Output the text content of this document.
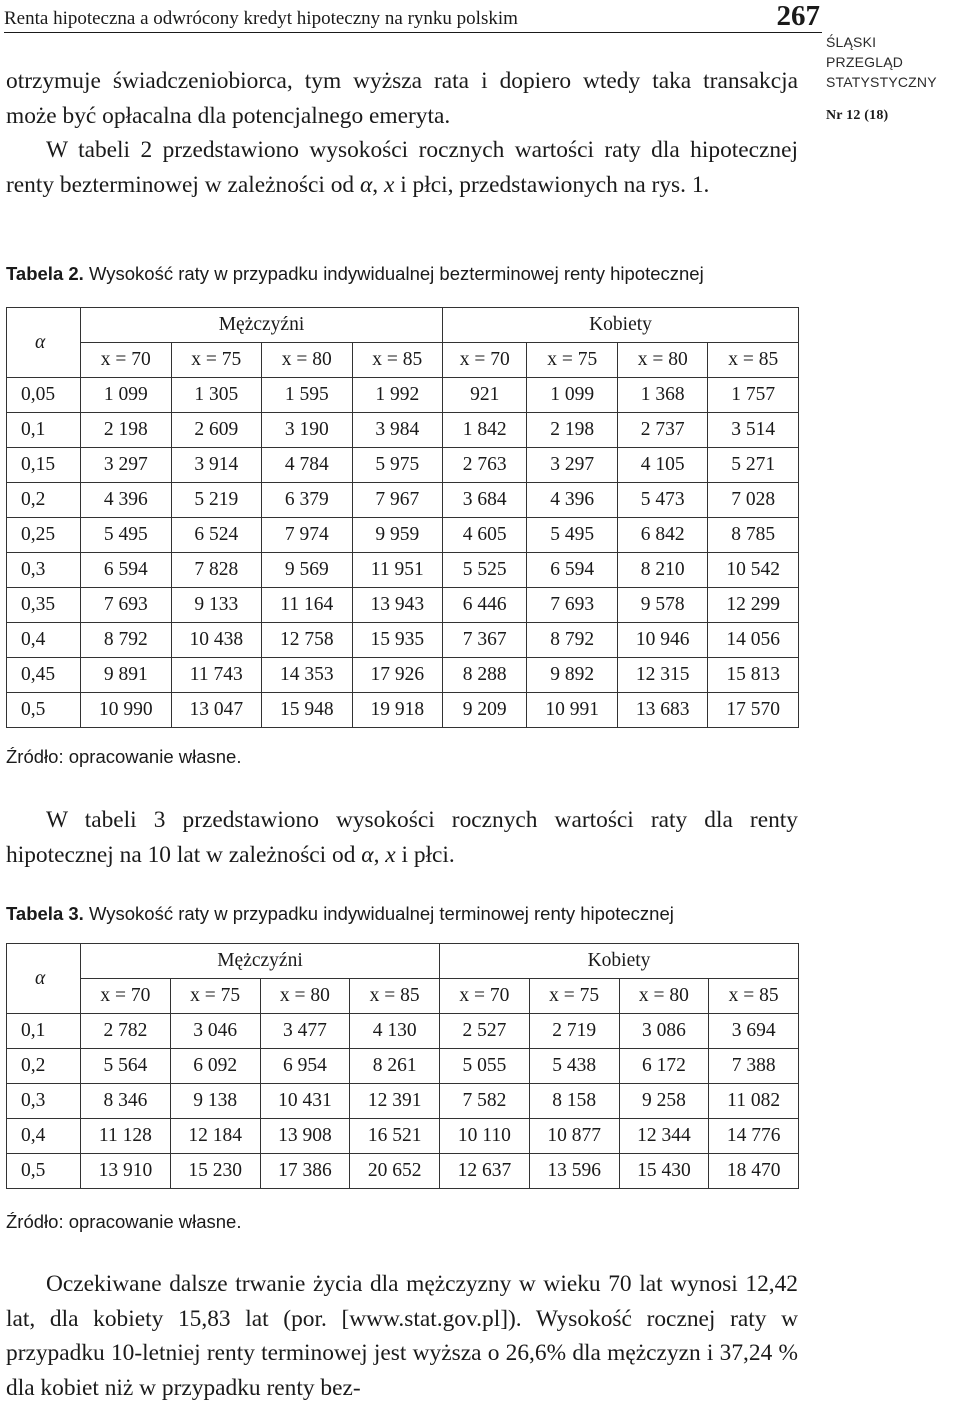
Renta hipoteczna a odwrócony kredyt hipoteczny na rynku polskim	267
ŚLĄSKI
PRZEGLĄD
STATYSTYCZNY
Nr 12 (18)

otrzymuje świadczeniobiorca, tym wyższa rata i dopiero wtedy taka transakcja może być opłacalna dla potencjalnego emeryta.

W tabeli 2 przedstawiono wysokości rocznych wartości raty dla hipotecznej renty bezterminowej w zależności od α, x i płci, przedstawionych na rys. 1.

Tabela 2. Wysokość raty w przypadku indywidualnej bezterminowej renty hipotecznej
α	Mężczyźni				Kobiety			
	x = 70	x = 75	x = 80	x = 85	x = 70	x = 75	x = 80	x = 85
0,05	1 099	1 305	1 595	1 992	921	1 099	1 368	1 757
0,1	2 198	2 609	3 190	3 984	1 842	2 198	2 737	3 514
0,15	3 297	3 914	4 784	5 975	2 763	3 297	4 105	5 271
0,2	4 396	5 219	6 379	7 967	3 684	4 396	5 473	7 028
0,25	5 495	6 524	7 974	9 959	4 605	5 495	6 842	8 785
0,3	6 594	7 828	9 569	11 951	5 525	6 594	8 210	10 542
0,35	7 693	9 133	11 164	13 943	6 446	7 693	9 578	12 299
0,4	8 792	10 438	12 758	15 935	7 367	8 792	10 946	14 056
0,45	9 891	11 743	14 353	17 926	8 288	9 892	12 315	15 813
0,5	10 990	13 047	15 948	19 918	9 209	10 991	13 683	17 570
Źródło: opracowanie własne.

W tabeli 3 przedstawiono wysokości rocznych wartości raty dla renty hipotecznej na 10 lat w zależności od α, x i płci.

Tabela 3. Wysokość raty w przypadku indywidualnej terminowej renty hipotecznej
α	Mężczyźni				Kobiety			
	x = 70	x = 75	x = 80	x = 85	x = 70	x = 75	x = 80	x = 85
0,1	2 782	3 046	3 477	4 130	2 527	2 719	3 086	3 694
0,2	5 564	6 092	6 954	8 261	5 055	5 438	6 172	7 388
0,3	8 346	9 138	10 431	12 391	7 582	8 158	9 258	11 082
0,4	11 128	12 184	13 908	16 521	10 110	10 877	12 344	14 776
0,5	13 910	15 230	17 386	20 652	12 637	13 596	15 430	18 470
Źródło: opracowanie własne.

Oczekiwane dalsze trwanie życia dla mężczyzny w wieku 70 lat wynosi 12,42 lat, dla kobiety 15,83 lat (por. [www.stat.gov.pl]). Wysokość rocznej raty w przypadku 10-letniej renty terminowej jest wyższa o 26,6% dla mężczyzn i 37,24 % dla kobiet niż w przypadku renty bez-
